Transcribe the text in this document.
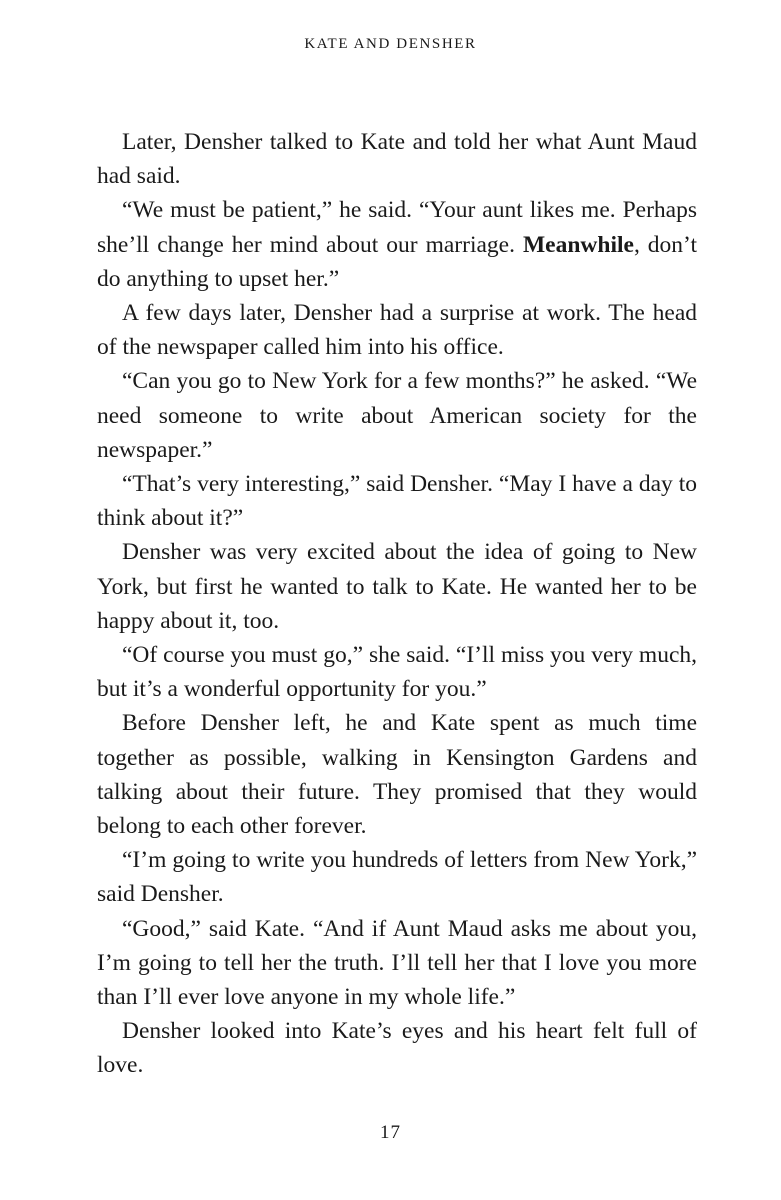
KATE AND DENSHER

Later, Densher talked to Kate and told her what Aunt Maud had said.

“We must be patient,” he said. “Your aunt likes me. Perhaps she’ll change her mind about our marriage. Meanwhile, don’t do anything to upset her.”

A few days later, Densher had a surprise at work. The head of the newspaper called him into his office.

“Can you go to New York for a few months?” he asked. “We need someone to write about American society for the newspaper.”

“That’s very interesting,” said Densher. “May I have a day to think about it?”

Densher was very excited about the idea of going to New York, but first he wanted to talk to Kate. He wanted her to be happy about it, too.

“Of course you must go,” she said. “I’ll miss you very much, but it’s a wonderful opportunity for you.”

Before Densher left, he and Kate spent as much time together as possible, walking in Kensington Gardens and talking about their future. They promised that they would belong to each other forever.

“I’m going to write you hundreds of letters from New York,” said Densher.

“Good,” said Kate. “And if Aunt Maud asks me about you, I’m going to tell her the truth. I’ll tell her that I love you more than I’ll ever love anyone in my whole life.”

Densher looked into Kate’s eyes and his heart felt full of love.

17
